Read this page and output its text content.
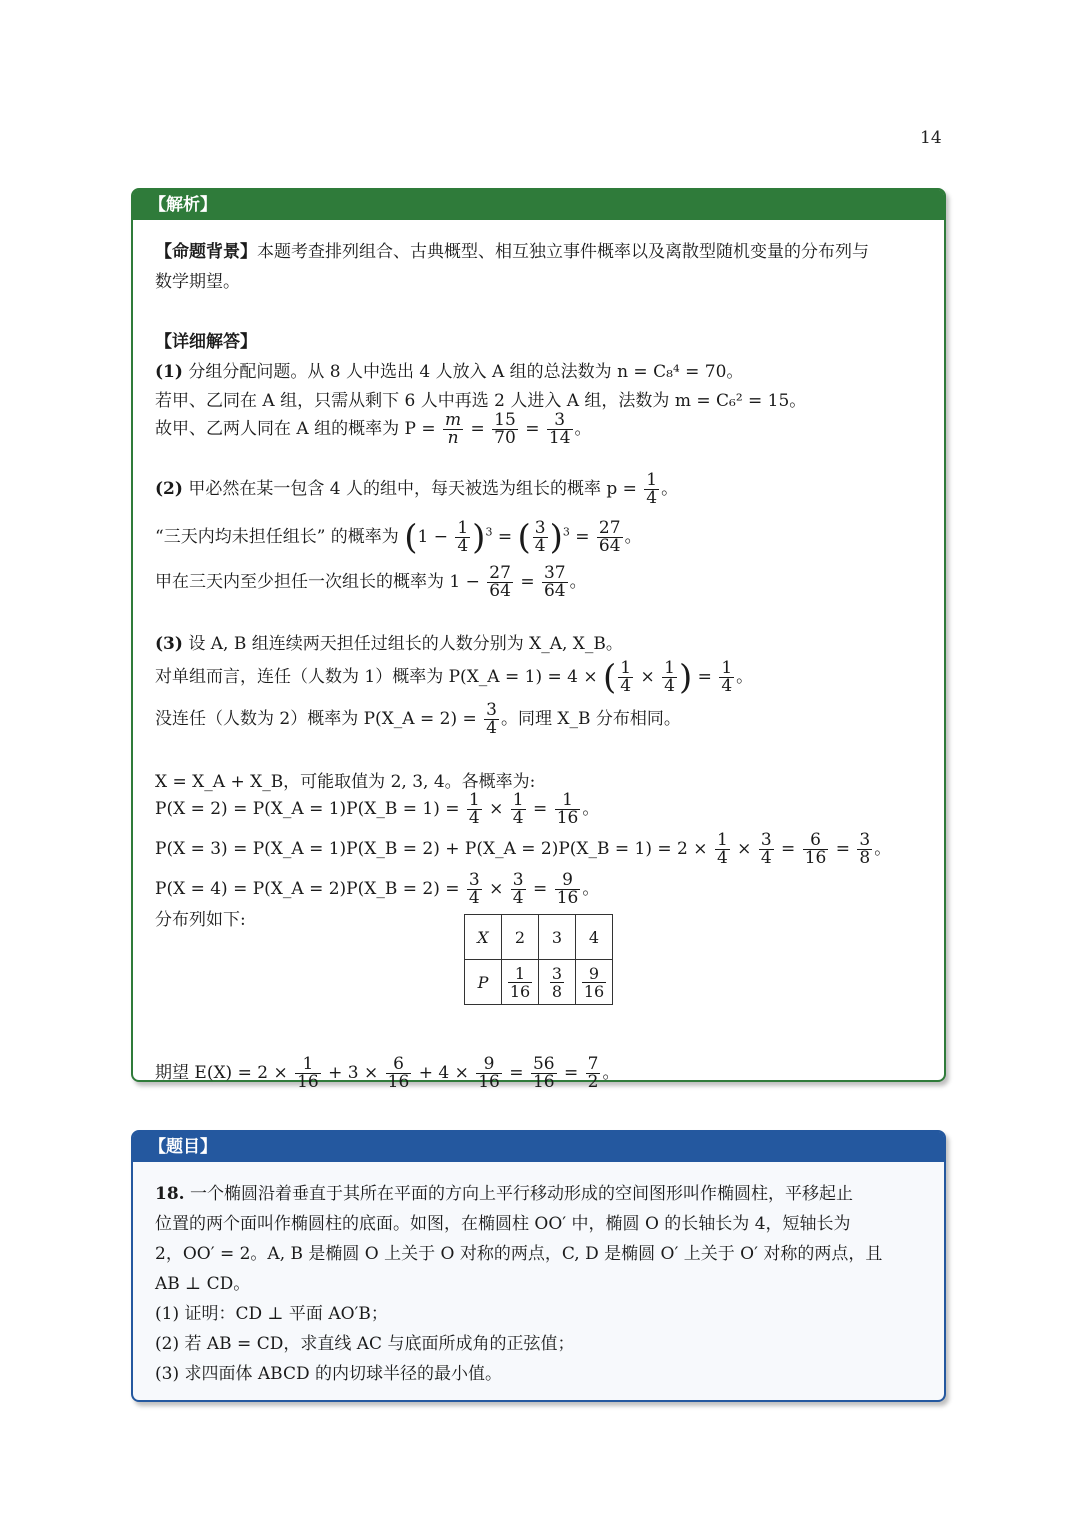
14
【解析】
【命题背景】本题考查排列组合、古典概型、相互独立事件概率以及离散型随机变量的分布列与
数学期望。
【详细解答】
(1) 分组分配问题。从 8 人中选出 4 人放入 A 组的总法数为 n = C₈⁴ = 70。
若甲、乙同在 A 组，只需从剩下 6 人中再选 2 人进入 A 组，法数为 m = C₆² = 15。
故甲、乙两人同在 A 组的概率为 $P = \frac{m}{n} = \frac{15}{70} = \frac{3}{14}$ 。
(2) 甲必然在某一包含 4 人的组中，每天被选为组长的概率 $p = \frac{1}{4}$ 。
“三天内均未担任组长” 的概率为 $(1 - \frac{1}{4} )^3$ = ( $\frac{3}{4} )^3 = \frac{27}{64}$ 。
甲在三天内至少担任一次组长的概率为 $1 - \frac{27}{64} = \frac{37}{64}$ 。
(3) 设 A, B 组连续两天担任过组长的人数分别为 X_A, X_B。
对单组而言，连任（人数为 1）概率为 P(X_A = 1) = 4 × ( $\frac{1}{4} \times \frac{1}{4}$ ) = $\frac{1}{4}$ 。
没连任（人数为 2）概率为 P(X_A = $2) = \frac{3}{4}$ 。同理 X_B 分布相同。
X = X_A + X_B，可能取值为 2, 3, 4。各概率为:
P(X = 2) = P(X_A = 1)P(X_B = $1) = \frac{1}{4} \times \frac{1}{4} = \frac{1}{16}$ 。
P(X = 3) = P(X_A = 1)P(X_B = 2) + P(X_A = 2)P(X_B = $1) = 2 \times \frac{1}{4} \times \frac{3}{4} = \frac{6}{16} = \frac{3}{8}$ 。
P(X = 4) = P(X_A = 2)P(X_B = $2) = \frac{3}{4} \times \frac{3}{4} = \frac{9}{16}$ 。
分布列如下:
X	2	3	4
P	$\frac{1}{16}$	$\frac{3}{8}$	$\frac{9}{16}$
期望 $E(X) = 2 \times \frac{1}{16} + 3 \times \frac{6}{16} + 4 \times \frac{9}{16} = \frac{56}{16} = \frac{7}{2}$ 。
【题目】
18. 一个椭圆沿着垂直于其所在平面的方向上平行移动形成的空间图形叫作椭圆柱，平移起止
位置的两个面叫作椭圆柱的底面。如图，在椭圆柱 OO′ 中，椭圆 O 的长轴长为 4，短轴长为
2，OO′ = 2。A, B 是椭圆 O 上关于 O 对称的两点，C, D 是椭圆 O′ 上关于 O′ 对称的两点，且
AB ⊥ CD。
(1) 证明：CD ⊥ 平面 AO′B；
(2) 若 AB = CD，求直线 AC 与底面所成角的正弦值；
(3) 求四面体 ABCD 的内切球半径的最小值。
